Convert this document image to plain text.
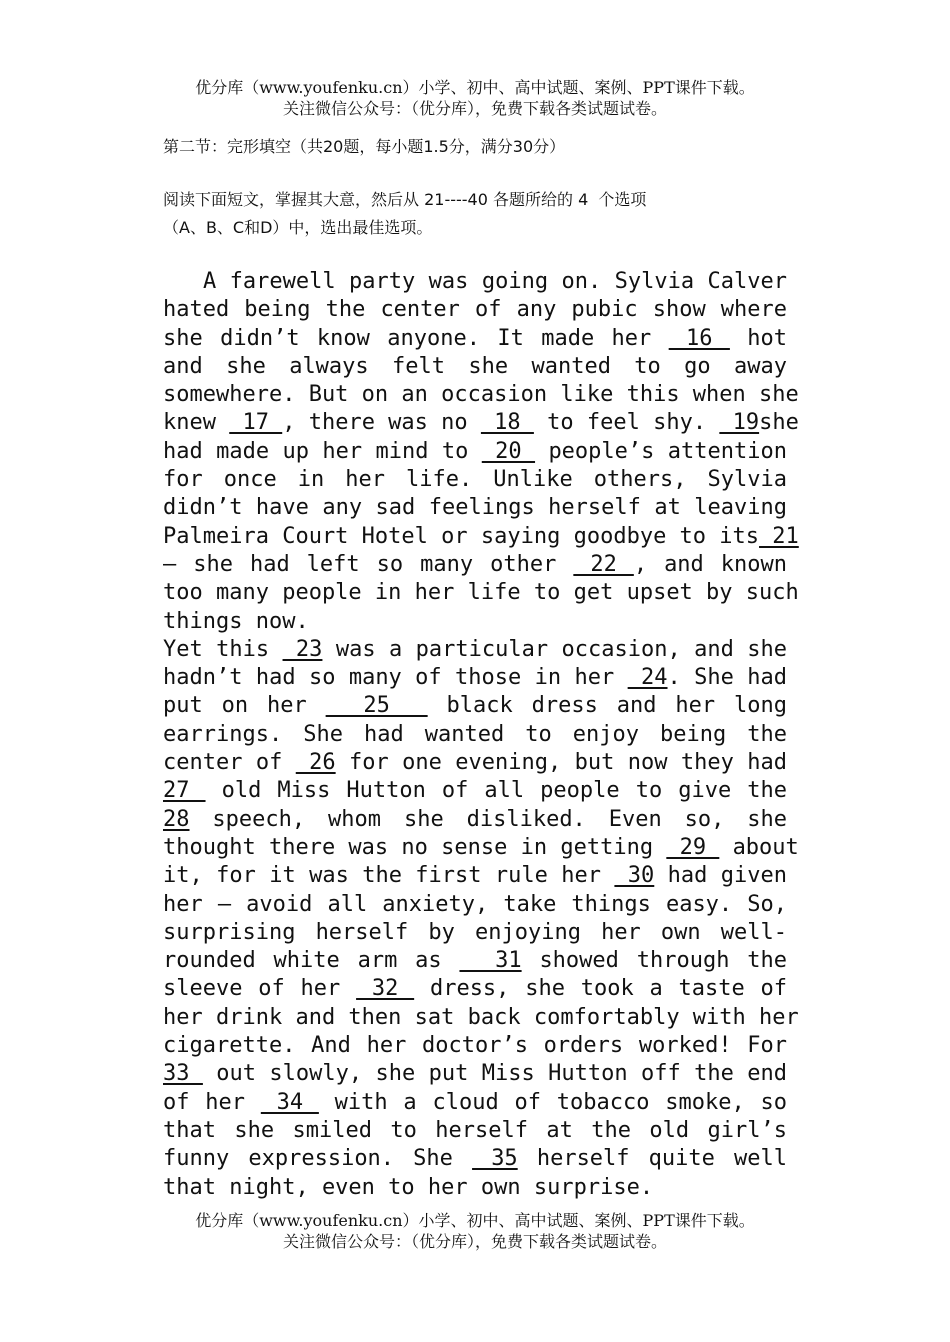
优分库（www.youfenku.cn）小学、初中、高中试题、案例、PPT课件下载。
关注微信公众号：（优分库），免费下载各类试题试卷。
第二节：完形填空（共20题，每小题1.5分，满分30分）
阅读下面短文，掌握其大意，然后从 21----40 各题所给的 4  个选项
（A、B、C和D）中，选出最佳选项。
A farewell party was going on. Sylvia Calver
hated being the center of any pubic show where
she didn’t know anyone. It made her  16  hot
and she always felt she wanted to go away
somewhere. But on an occasion like this when she
knew  17 , there was no  18  to feel shy.  19she
had made up her mind to  20  people’s attention
for once in her life. Unlike others, Sylvia
didn’t have any sad feelings herself at leaving
Palmeira Court Hotel or saying goodbye to its 21
— she had left so many other  22 , and known
too many people in her life to get upset by such
things now.
Yet this  23 was a particular occasion, and she
hadn’t had so many of those in her  24. She had
put on her   25   black dress and her long
earrings. She had wanted to enjoy being the
center of  26 for one evening, but now they had
27  old Miss Hutton of all people to give the
28 speech, whom she disliked. Even so, she
thought there was no sense in getting  29  about
it, for it was the first rule her  30 had given
her — avoid all anxiety, take things easy. So,
surprising herself by enjoying her own well-
rounded white arm as   31 showed through the
sleeve of her  32  dress, she took a taste of
her drink and then sat back comfortably with her
cigarette. And her doctor’s orders worked! For
33  out slowly, she put Miss Hutton off the end
of her  34  with a cloud of tobacco smoke, so
that she smiled to herself at the old girl’s
funny expression. She  35 herself quite well
that night, even to her own surprise.
优分库（www.youfenku.cn）小学、初中、高中试题、案例、PPT课件下载。
关注微信公众号：（优分库），免费下载各类试题试卷。
